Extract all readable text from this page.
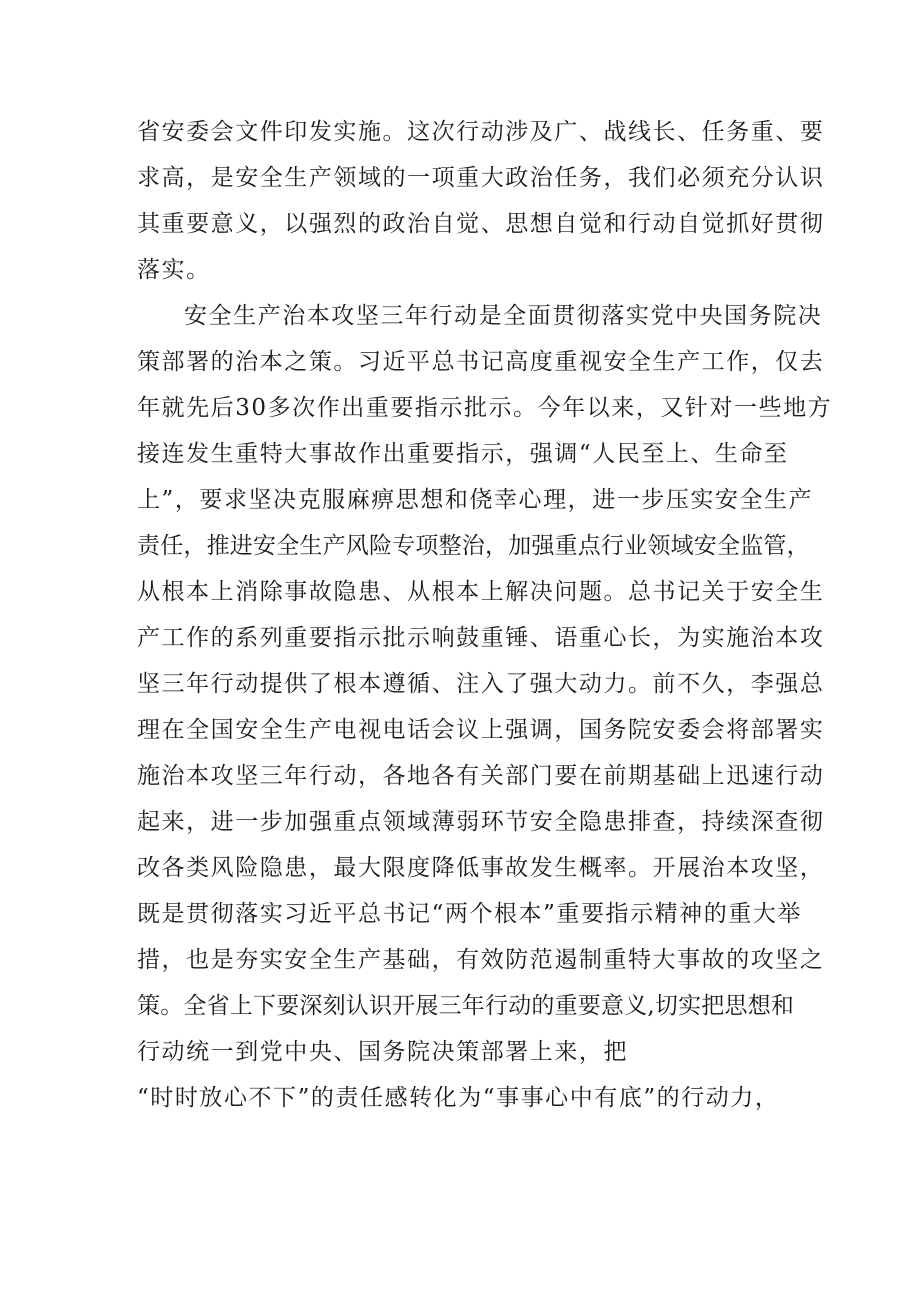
省安委会文件印发实施。这次行动涉及广、战线长、任务重、要
求高，是安全生产领域的一项重大政治任务，我们必须充分认识
其重要意义，以强烈的政治自觉、思想自觉和行动自觉抓好贯彻
落实。
安全生产治本攻坚三年行动是全面贯彻落实党中央国务院决
策部署的治本之策。习近平总书记高度重视安全生产工作，仅去
年就先后30多次作出重要指示批示。今年以来，又针对一些地方
接连发生重特大事故作出重要指示，强调“人民至上、生命至
上”，要求坚决克服麻痹思想和侥幸心理，进一步压实安全生产
责任，推进安全生产风险专项整治，加强重点行业领域安全监管，
从根本上消除事故隐患、从根本上解决问题。总书记关于安全生
产工作的系列重要指示批示响鼓重锤、语重心长，为实施治本攻
坚三年行动提供了根本遵循、注入了强大动力。前不久，李强总
理在全国安全生产电视电话会议上强调，国务院安委会将部署实
施治本攻坚三年行动，各地各有关部门要在前期基础上迅速行动
起来，进一步加强重点领域薄弱环节安全隐患排查，持续深查彻
改各类风险隐患，最大限度降低事故发生概率。开展治本攻坚，
既是贯彻落实习近平总书记“两个根本”重要指示精神的重大举
措，也是夯实安全生产基础，有效防范遏制重特大事故的攻坚之
策。全省上下要深刻认识开展三年行动的重要意义,切实把思想和
行动统一到党中央、国务院决策部署上来，把
“时时放心不下”的责任感转化为“事事心中有底”的行动力，
